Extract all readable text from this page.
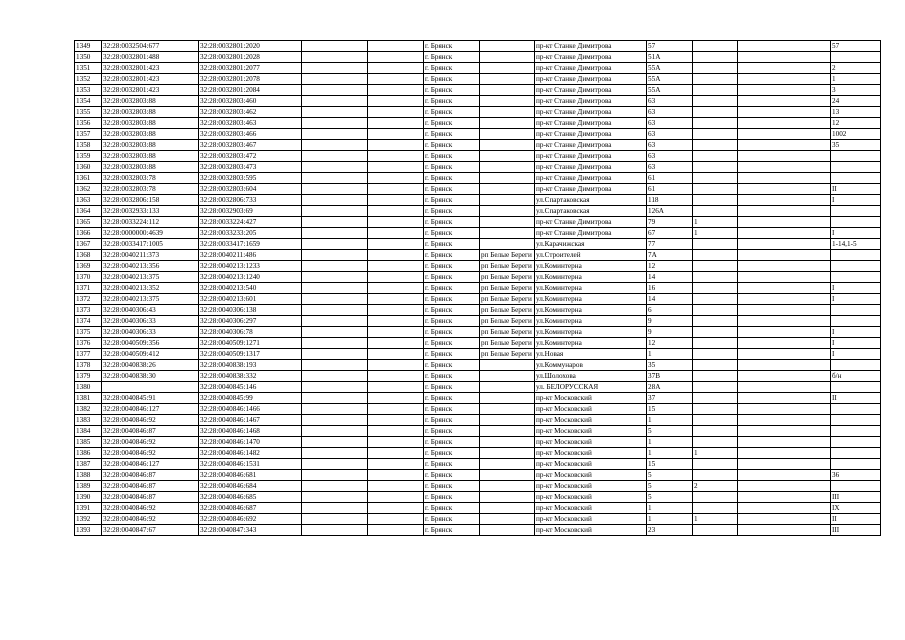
1349	32:28:0032504:677	32:28:0032801:2020			г. Брянск		пр-кт Станке Димитрова	57			57
1350	32:28:0032801:488	32:28:0032801:2028			г. Брянск		пр-кт Станке Димитрова	51А			
1351	32:28:0032801:423	32:28:0032801:2077			г. Брянск		пр-кт Станке Димитрова	55А			2
1352	32:28:0032801:423	32:28:0032801:2078			г. Брянск		пр-кт Станке Димитрова	55А			1
1353	32:28:0032801:423	32:28:0032801:2084			г. Брянск		пр-кт Станке Димитрова	55А			3
1354	32:28:0032803:88	32:28:0032803:460			г. Брянск		пр-кт Станке Димитрова	63			24
1355	32:28:0032803:88	32:28:0032803:462			г. Брянск		пр-кт Станке Димитрова	63			13
1356	32:28:0032803:88	32:28:0032803:463			г. Брянск		пр-кт Станке Димитрова	63			12
1357	32:28:0032803:88	32:28:0032803:466			г. Брянск		пр-кт Станке Димитрова	63			1002
1358	32:28:0032803:88	32:28:0032803:467			г. Брянск		пр-кт Станке Димитрова	63			35
1359	32:28:0032803:88	32:28:0032803:472			г. Брянск		пр-кт Станке Димитрова	63			
1360	32:28:0032803:88	32:28:0032803:473			г. Брянск		пр-кт Станке Димитрова	63			
1361	32:28:0032803:78	32:28:0032803:595			г. Брянск		пр-кт Станке Димитрова	61			
1362	32:28:0032803:78	32:28:0032803:604			г. Брянск		пр-кт Станке Димитрова	61			II
1363	32:28:0032806:158	32:28:0032806:733			г. Брянск		ул.Спартаковская	118			I
1364	32:28:0032933:133	32:28:0032903:69			г. Брянск		ул.Спартаковская	126А			
1365	32:28:0033224:112	32:28:0033224:427			г. Брянск		пр-кт Станке Димитрова	79	1		
1366	32:28:0000000:4639	32:28:0033233:205			г. Брянск		пр-кт Станке Димитрова	67	1		I
1367	32:28:0033417:1005	32:28:0033417:1659			г. Брянск		ул.Карачижская	77			1-14,1-5
1368	32:28:0040211:373	32:28:0040211:486			г. Брянск	рп Белые Береги	ул.Строителей	7А			
1369	32:28:0040213:356	32:28:0040213:1233			г. Брянск	рп Белые Береги	ул.Коминтерна	12			
1370	32:28:0040213:375	32:28:0040213:1240			г. Брянск	рп Белые Береги	ул.Коминтерна	14			
1371	32:28:0040213:352	32:28:0040213:540			г. Брянск	рп Белые Береги	ул.Коминтерна	16			I
1372	32:28:0040213:375	32:28:0040213:601			г. Брянск	рп Белые Береги	ул.Коминтерна	14			I
1373	32:28:0040306:43	32:28:0040306:138			г. Брянск	рп Белые Береги	ул.Коминтерна	6			
1374	32:28:0040306:33	32:28:0040306:297			г. Брянск	рп Белые Береги	ул.Коминтерна	9			
1375	32:28:0040306:33	32:28:0040306:78			г. Брянск	рп Белые Береги	ул.Коминтерна	9			I
1376	32:28:0040509:356	32:28:0040509:1271			г. Брянск	рп Белые Береги	ул.Коминтерна	12			I
1377	32:28:0040509:412	32:28:0040509:1317			г. Брянск	рп Белые Береги	ул.Новая	1			I
1378	32:28:0040838:26	32:28:0040838:193			г. Брянск		ул.Коммунаров	35			
1379	32:28:0040838:30	32:28:0040838:332			г. Брянск		ул.Шолохова	37В			б/н
1380		32:28:0040845:146			г. Брянск		ул. БЕЛОРУССКАЯ	28А			
1381	32:28:0040845:91	32:28:0040845:99			г. Брянск		пр-кт Московский	37			II
1382	32:28:0040846:127	32:28:0040846:1466			г. Брянск		пр-кт Московский	15			
1383	32:28:0040846:92	32:28:0040846:1467			г. Брянск		пр-кт Московский	1			
1384	32:28:0040846:87	32:28:0040846:1468			г. Брянск		пр-кт Московский	5			
1385	32:28:0040846:92	32:28:0040846:1470			г. Брянск		пр-кт Московский	1			
1386	32:28:0040846:92	32:28:0040846:1482			г. Брянск		пр-кт Московский	1	1		
1387	32:28:0040846:127	32:28:0040846:1531			г. Брянск		пр-кт Московский	15			
1388	32:28:0040846:87	32:28:0040846:681			г. Брянск		пр-кт Московский	5			36
1389	32:28:0040846:87	32:28:0040846:684			г. Брянск		пр-кт Московский	5	2		
1390	32:28:0040846:87	32:28:0040846:685			г. Брянск		пр-кт Московский	5			III
1391	32:28:0040846:92	32:28:0040846:687			г. Брянск		пр-кт Московский	1			IX
1392	32:28:0040846:92	32:28:0040846:692			г. Брянск		пр-кт Московский	1	1		II
1393	32:28:0040847:67	32:28:0040847:343			г. Брянск		пр-кт Московский	23			III
